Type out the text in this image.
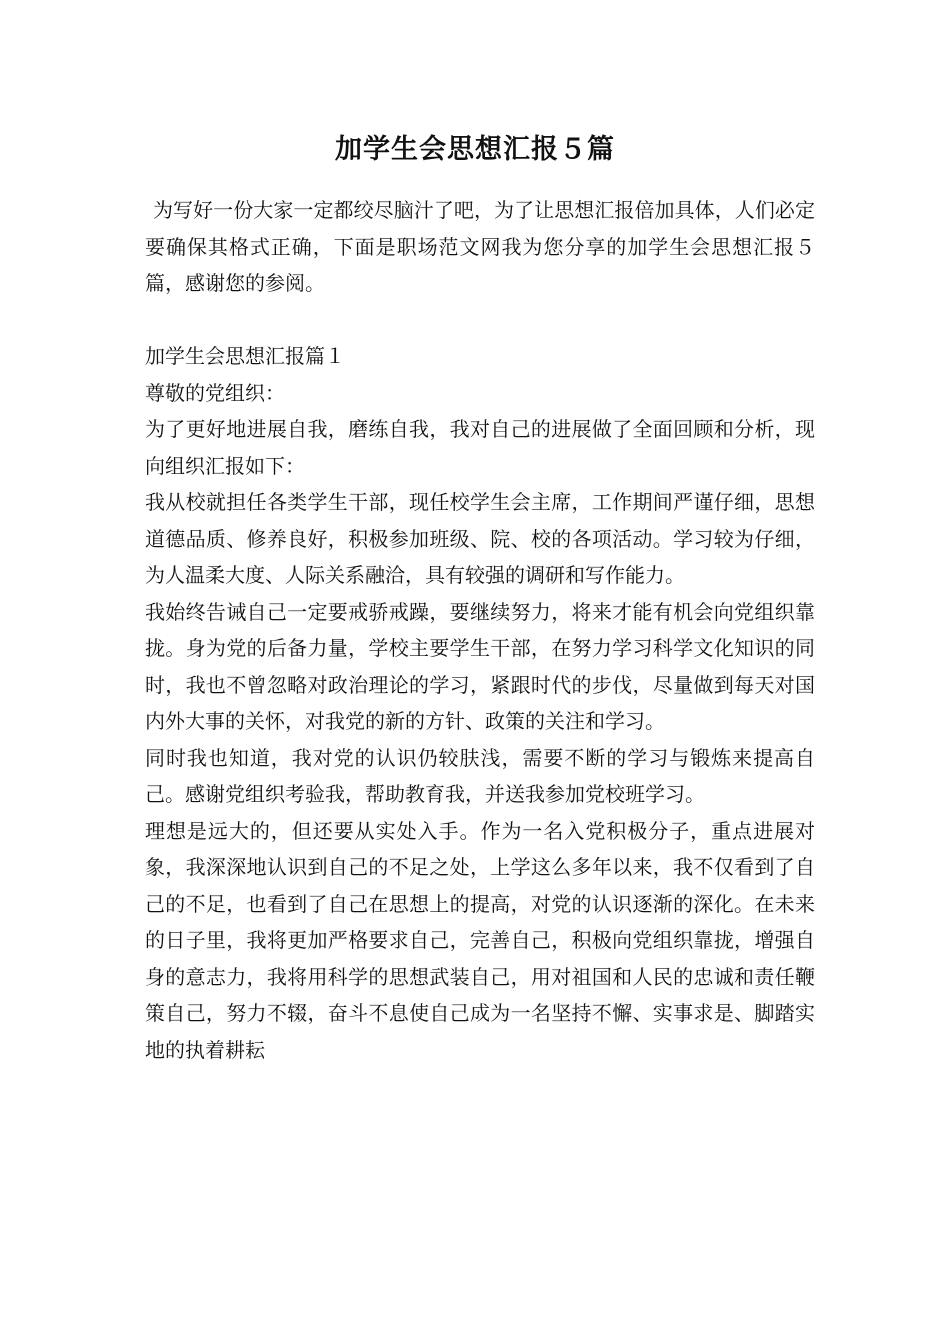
加学生会思想汇报５篇

为写好一份大家一定都绞尽脑汁了吧，为了让思想汇报倍加具体，人们必定要确保其格式正确，下面是职场范文网我为您分享的加学生会思想汇报５篇，感谢您的参阅。

加学生会思想汇报篇１

尊敬的党组织：

为了更好地进展自我，磨练自我，我对自己的进展做了全面回顾和分析，现向组织汇报如下：

我从校就担任各类学生干部，现任校学生会主席，工作期间严谨仔细，思想道德品质、修养良好，积极参加班级、院、校的各项活动。学习较为仔细，为人温柔大度、人际关系融洽，具有较强的调研和写作能力。

我始终告诫自己一定要戒骄戒躁，要继续努力，将来才能有机会向党组织靠拢。身为党的后备力量，学校主要学生干部，在努力学习科学文化知识的同时，我也不曾忽略对政治理论的学习，紧跟时代的步伐，尽量做到每天对国内外大事的关怀，对我党的新的方针、政策的关注和学习。

同时我也知道，我对党的认识仍较肤浅，需要不断的学习与锻炼来提高自己。感谢党组织考验我，帮助教育我，并送我参加党校班学习。

理想是远大的，但还要从实处入手。作为一名入党积极分子，重点进展对象，我深深地认识到自己的不足之处，上学这么多年以来，我不仅看到了自己的不足，也看到了自己在思想上的提高，对党的认识逐渐的深化。在未来的日子里，我将更加严格要求自己，完善自己，积极向党组织靠拢，增强自身的意志力，我将用科学的思想武装自己，用对祖国和人民的忠诚和责任鞭策自己，努力不辍，奋斗不息使自己成为一名坚持不懈、实事求是、脚踏实地的执着耕耘
